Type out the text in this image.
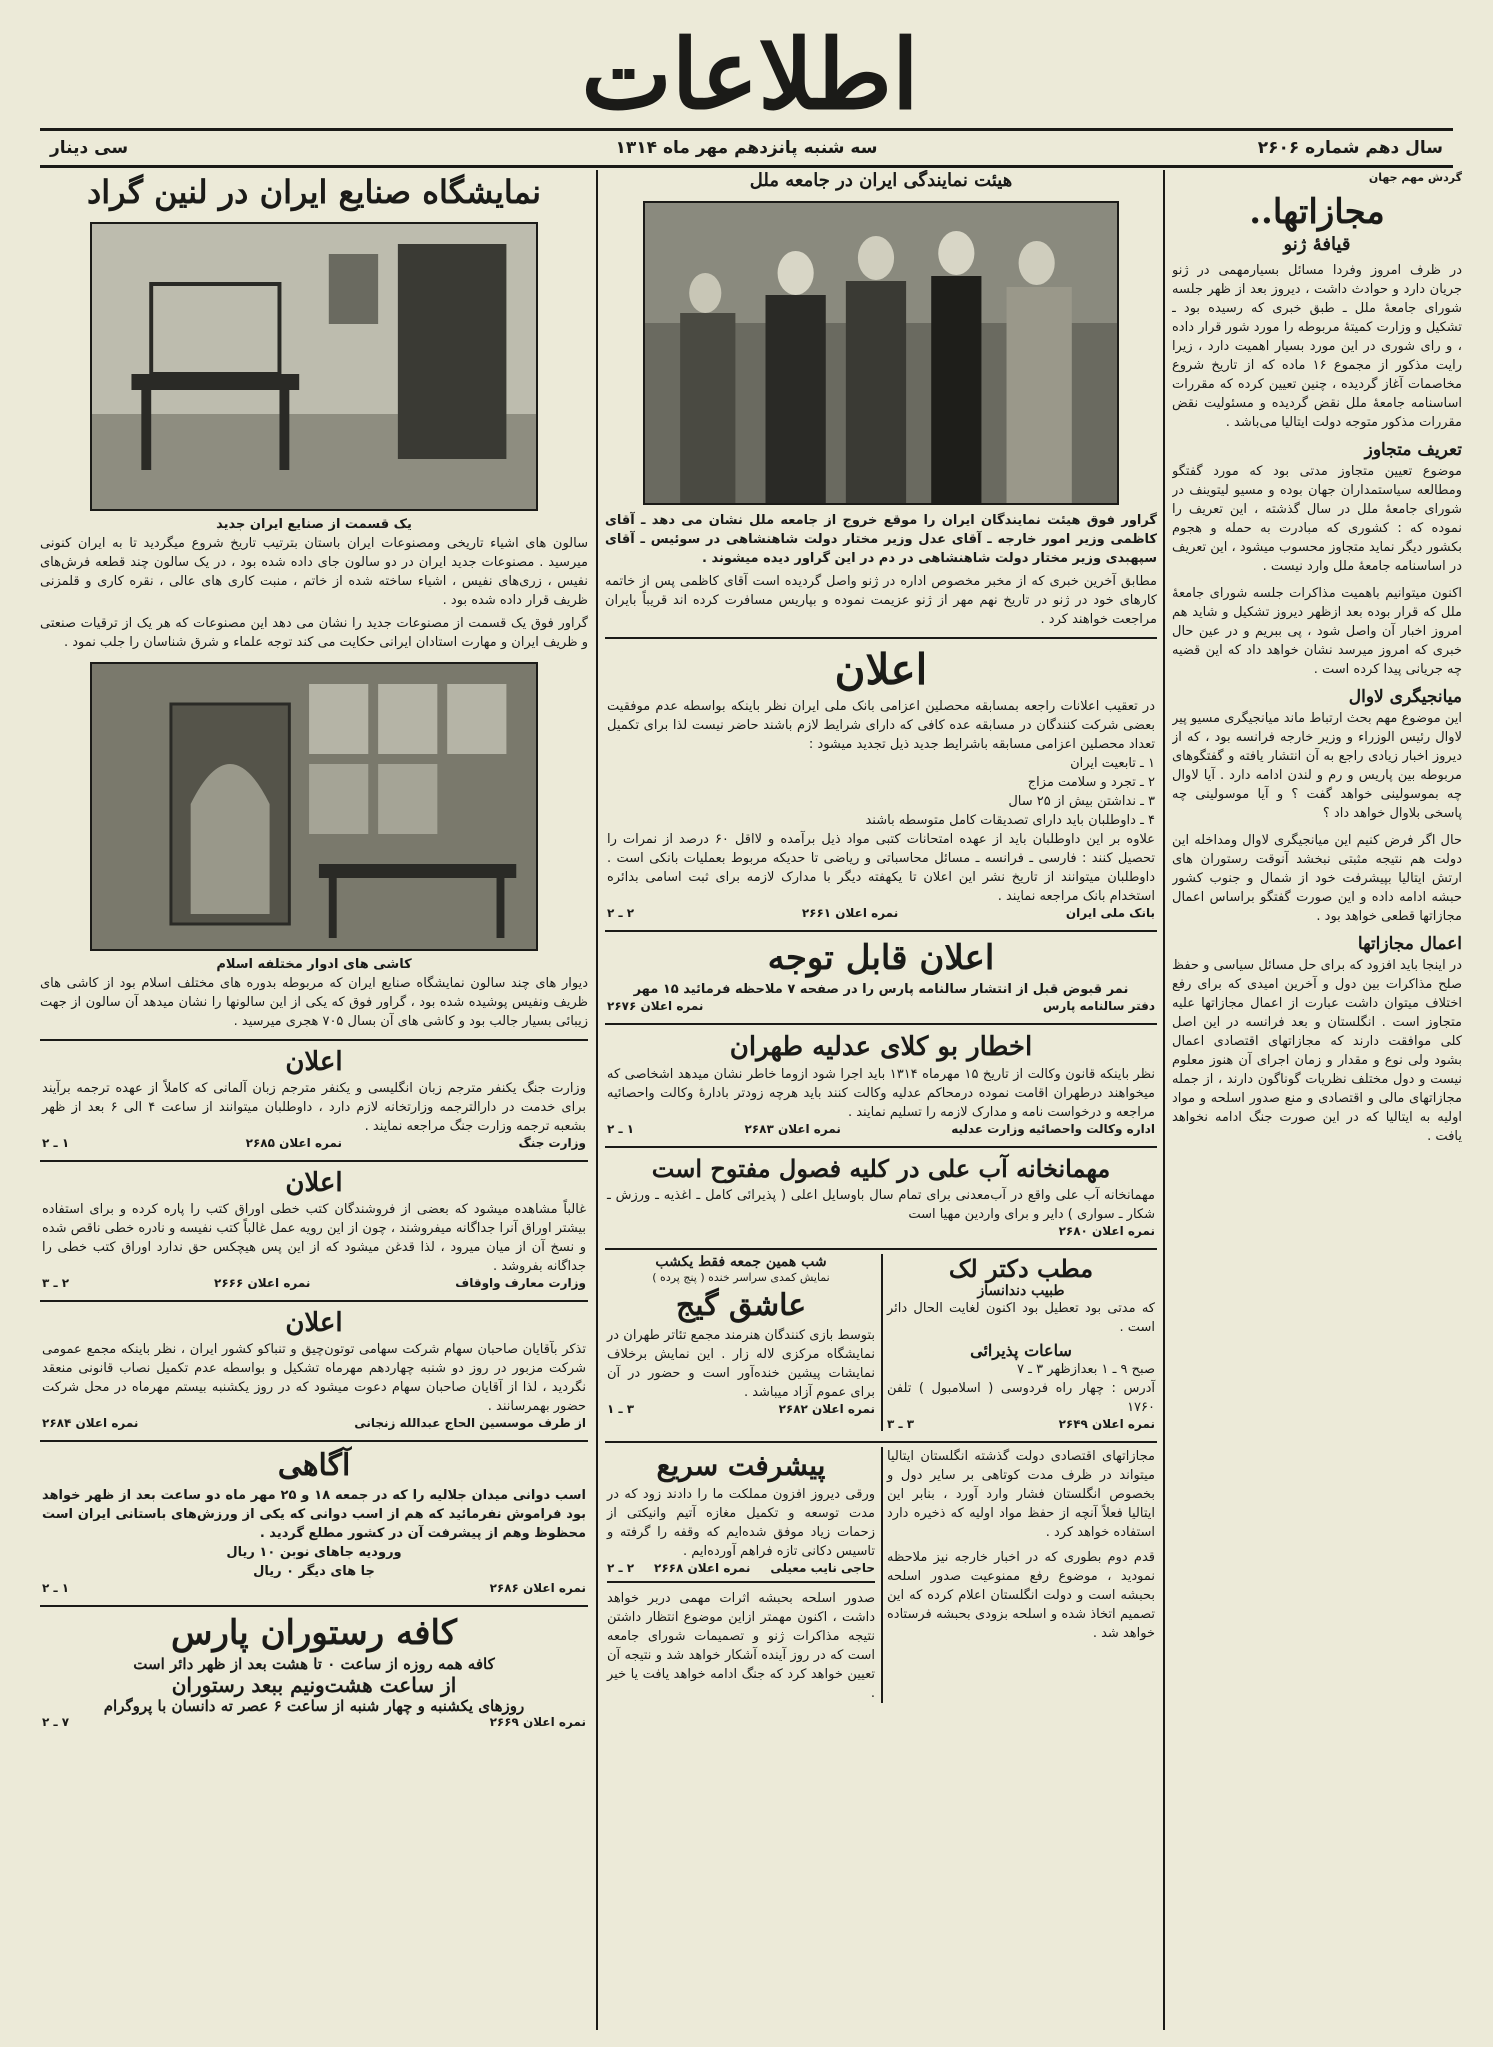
اطلاعات
سال دهم شماره ۲۶۰۶
سه شنبه پانزدهم مهر ماه ۱۳۱۴
سی دینار
گردش مهم جهان
مجازاتها..
قیافهٔ ژنو
در ظرف امروز وفردا مسائل بسیارمهمی در ژنو جریان دارد و حوادث داشت ، دیروز بعد از ظهر جلسه شورای جامعهٔ ملل ـ طبق خبری که رسیده بود ـ تشکیل و وزارت کمیتهٔ مربوطه را مورد شور قرار داده ، و رای شوری در این مورد بسیار اهمیت دارد ، زیرا رایت مذکور از مجموع ۱۶ ماده که از تاریخ شروع مخاصمات آغاز گردیده ، چنین تعیین کرده که مقررات اساسنامه جامعهٔ ملل نقض گردیده و مسئولیت نقض مقررات مذکور متوجه دولت ایتالیا می‌باشد .
تعریف متجاوز
موضوع تعیین متجاوز مدتی بود که مورد گفتگو ومطالعه سیاستمداران جهان بوده و مسیو لیتوینف در شورای جامعهٔ ملل در سال گذشته ، این تعریف را نموده که : کشوری که مبادرت به حمله و هجوم بکشور دیگر نماید متجاوز محسوب میشود ، این تعریف در اساسنامه جامعهٔ ملل وارد نیست .
اکنون میتوانیم باهمیت مذاکرات جلسه شورای جامعهٔ ملل که قرار بوده بعد ازظهر دیروز تشکیل و شاید هم امروز اخبار آن واصل شود ، پی ببریم و در عین حال خبری که امروز میرسد نشان خواهد داد که این قضیه چه جریانی پیدا کرده است .
میانجیگری لاوال
این موضوع مهم بحث ارتباط ماند میانجیگری مسیو پیر لاوال رئیس الوزراء و وزیر خارجه فرانسه بود ، که از دیروز اخبار زیادی راجع به آن انتشار یافته و گفتگوهای مربوطه بین پاریس و رم و لندن ادامه دارد . آیا لاوال چه بموسولینی خواهد گفت ؟ و آیا موسولینی چه پاسخی بلاوال خواهد داد ؟
حال اگر فرض کنیم این میانجیگری لاوال ومداخله این دولت هم نتیجه مثبتی نبخشد آنوقت رستوران های ارتش ایتالیا بپیشرفت خود از شمال و جنوب کشور حبشه ادامه داده و این صورت گفتگو براساس اعمال مجازاتها قطعی خواهد بود .
اعمال مجازاتها
در اینجا باید افزود که برای حل مسائل سیاسی و حفظ صلح مذاکرات بین دول و آخرین امیدی که برای رفع اختلاف میتوان داشت عبارت از اعمال مجازاتها علیه متجاوز است . انگلستان و بعد فرانسه در این اصل کلی موافقت دارند که مجازاتهای اقتصادی اعمال بشود ولی نوع و مقدار و زمان اجرای آن هنوز معلوم نیست و دول مختلف نظریات گوناگون دارند ، از جمله مجازاتهای مالی و اقتصادی و منع صدور اسلحه و مواد اولیه به ایتالیا که در این صورت جنگ ادامه نخواهد یافت .
هیئت نمایندگی ایران در جامعه ملل
گراور فوق هیئت نمایندگان ایران را موقع خروج از جامعه ملل نشان می دهد ـ آقای کاظمی وزیر امور خارجه ـ آقای عدل وزیر مختار دولت شاهنشاهی در سوئیس ـ آقای سپهبدی وزیر مختار دولت شاهنشاهی در دم در این گراور دیده میشوند .
مطابق آخرین خبری که از مخبر مخصوص اداره در ژنو واصل گردیده است آقای کاظمی پس از خاتمه کارهای خود در ژنو در تاریخ نهم مهر از ژنو عزیمت نموده و بپاریس مسافرت کرده اند قریباً بایران مراجعت خواهند کرد .
اعلان
در تعقیب اعلانات راجعه بمسابقه محصلین اعزامی بانک ملی ایران نظر باینکه بواسطه عدم موفقیت بعضی شرکت کنندگان در مسابقه عده کافی که دارای شرایط لازم باشند حاضر نیست لذا برای تکمیل تعداد محصلین اعزامی مسابقه باشرایط جدید ذیل تجدید میشود :
۱ ـ تابعیت ایران
۲ ـ تجرد و سلامت مزاج
۳ ـ نداشتن بیش از ۲۵ سال
۴ ـ داوطلبان باید دارای تصدیقات کامل متوسطه باشند
علاوه بر این داوطلبان باید از عهده امتحانات کتبی مواد ذیل برآمده و لااقل ۶۰ درصد از نمرات را تحصیل کنند : فارسی ـ فرانسه ـ مسائل محاسباتی و ریاضی تا حدیکه مربوط بعملیات بانکی است . داوطلبان میتوانند از تاریخ نشر این اعلان تا یکهفته دیگر با مدارک لازمه برای ثبت اسامی بدائره استخدام بانک مراجعه نمایند .
بانک ملی ایران
نمره اعلان ۲۶۶۱
۲ ـ ۲
اعلان قابل توجه
نمر قبوض قبل از انتشار سالنامه پارس را در صفحه ۷ ملاحظه فرمائید ۱۵ مهر
دفتر سالنامه پارس
نمره اعلان ۲۶۷۶
اخطار بو کلای عدلیه طهران
نظر باینکه قانون وکالت از تاریخ ۱۵ مهرماه ۱۳۱۴ باید اجرا شود ازوما خاطر نشان میدهد اشخاصی که میخواهند درطهران اقامت نموده درمحاکم عدلیه وکالت کنند باید هرچه زودتر بادارهٔ وکالت واحصائیه مراجعه و درخواست نامه و مدارک لازمه را تسلیم نمایند .
اداره وکالت واحصائیه وزارت عدلیه
نمره اعلان ۲۶۸۳
۱ ـ ۲
مهمانخانه آب علی در کلیه فصول مفتوح است
مهمانخانه آب علی واقع در آب‌معدنی برای تمام سال باوسایل اعلی ( پذیرائی کامل ـ اغذیه ـ ورزش ـ شکار ـ سواری ) دایر و برای واردین مهیا است
نمره اعلان ۲۶۸۰
مطب دکتر لک
طبیب دندانساز
که مدتی بود تعطیل بود اکنون لغایت الحال دائر است .
ساعات پذیرائی
صبح ۹ ـ ۱ بعدازظهر ۳ ـ ۷
آدرس : چهار راه فردوسی ( اسلامبول ) تلفن ۱۷۶۰
نمره اعلان ۲۶۴۹
۳ ـ ۳
شب همین جمعه فقط یکشب
نمایش کمدی سراسر خنده ( پنج پرده )
عاشق گیج
بتوسط بازی کنندگان هنرمند مجمع تئاتر طهران در نمایشگاه مرکزی لاله زار . این نمایش برخلاف نمایشات پیشین خنده‌آور است و حضور در آن برای عموم آزاد میباشد .
نمره اعلان ۲۶۸۲
۳ ـ ۱
مجازاتهای اقتصادی دولت گذشته انگلستان ایتالیا میتواند در ظرف مدت کوتاهی بر سایر دول و بخصوص انگلستان فشار وارد آورد ، بنابر این ایتالیا فعلاً آنچه از حفظ مواد اولیه که ذخیره دارد استفاده خواهد کرد .
قدم دوم بطوری که در اخبار خارجه نیز ملاحظه نمودید ، موضوع رفع ممنوعیت صدور اسلحه بحبشه است و دولت انگلستان اعلام کرده که این تصمیم اتخاذ شده و اسلحه بزودی بحبشه فرستاده خواهد شد .
پیشرفت سریع
ورقی دیروز افزون مملکت ما را دادند زود که در مدت توسعه و تکمیل مغازه آتیم وانیکتی از زحمات زیاد موفق شده‌ایم که وقفه را گرفته و تاسیس دکانی تازه فراهم آورده‌ایم .
حاجی نایب معیلی
نمره اعلان ۲۶۶۸
۲ ـ ۲
صدور اسلحه بحبشه اثرات مهمی دربر خواهد داشت ، اکنون مهمتر ازاین موضوع انتظار داشتن نتیجه مذاکرات ژنو و تصمیمات شورای جامعه است که در روز آینده آشکار خواهد شد و نتیجه آن تعیین خواهد کرد که جنگ ادامه خواهد یافت یا خیر .
نمایشگاه صنایع ایران در لنین گراد
یک قسمت از صنایع ایران جدید
سالون های اشیاء تاریخی ومصنوعات ایران باستان بترتیب تاریخ شروع میگردید تا به ایران کنونی میرسید . مصنوعات جدید ایران در دو سالون جای داده شده بود ، در یک سالون چند قطعه فرش‌های نفیس ، زری‌های نفیس ، اشیاء ساخته شده از خاتم ، منبت کاری های عالی ، نقره کاری و قلمزنی ظریف قرار داده شده بود .
گراور فوق یک قسمت از مصنوعات جدید را نشان می دهد این مصنوعات که هر یک از ترقیات صنعتی و ظریف ایران و مهارت استادان ایرانی حکایت می کند توجه علماء و شرق شناسان را جلب نمود .
کاشی های ادوار مختلفه اسلام
دیوار های چند سالون نمایشگاه صنایع ایران که مربوطه بدوره های مختلف اسلام بود از کاشی های ظریف ونفیس پوشیده شده بود ، گراور فوق که یکی از این سالونها را نشان میدهد آن سالون از جهت زیبائی بسیار جالب بود و کاشی های آن بسال ۷۰۵ هجری میرسید .
اعلان
وزارت جنگ یکنفر مترجم زبان انگلیسی و یکنفر مترجم زبان آلمانی که کاملاً از عهده ترجمه برآیند برای خدمت در دارالترجمه وزارتخانه لازم دارد ، داوطلبان میتوانند از ساعت ۴ الی ۶ بعد از ظهر بشعبه ترجمه وزارت جنگ مراجعه نمایند .
وزارت جنگ
نمره اعلان ۲۶۸۵
۱ ـ ۲
اعلان
غالباً مشاهده میشود که بعضی از فروشندگان کتب خطی اوراق کتب را پاره کرده و برای استفاده بیشتر اوراق آنرا جداگانه میفروشند ، چون از این رویه عمل غالباً کتب نفیسه و نادره خطی ناقص شده و نسخ آن از میان میرود ، لذا قدغن میشود که از این پس هیچکس حق ندارد اوراق کتب خطی را جداگانه بفروشد .
وزارت معارف واوقاف
نمره اعلان ۲۶۶۶
۲ ـ ۳
اعلان
تذکر بآقایان صاحبان سهام شرکت سهامی توتون‌چیق و تنباکو کشور ایران ، نظر باینکه مجمع عمومی شرکت مزبور در روز دو شنبه چهاردهم مهرماه تشکیل و بواسطه عدم تکمیل نصاب قانونی منعقد نگردید ، لذا از آقایان صاحبان سهام دعوت میشود که در روز یکشنبه بیستم مهرماه در محل شرکت حضور بهمرسانند .
از طرف موسسین الحاج عبدالله زنجانی
نمره اعلان ۲۶۸۴
آگاهی
اسب دوانی میدان جلالیه را که در جمعه ۱۸ و ۲۵ مهر ماه دو ساعت بعد از ظهر خواهد بود فراموش نفرمائید که هم از اسب دوانی که یکی از ورزش‌های باستانی ایران است محظوظ وهم از پیشرفت آن در کشور مطلع گردید .
ورودیه جاهای نوبن ۱۰ ریال
جا های دیگر ۰ ریال
نمره اعلان ۲۶۸۶
۱ ـ ۲
کافه رستوران پارس
کافه همه روزه از ساعت ۰ تا هشت بعد از ظهر دائر است
از ساعت هشت‌ونیم ببعد رستوران
روزهای یکشنبه و چهار شنبه از ساعت ۶ عصر ته دانسان با پروگرام
نمره اعلان ۲۶۶۹
۷ ـ ۲
